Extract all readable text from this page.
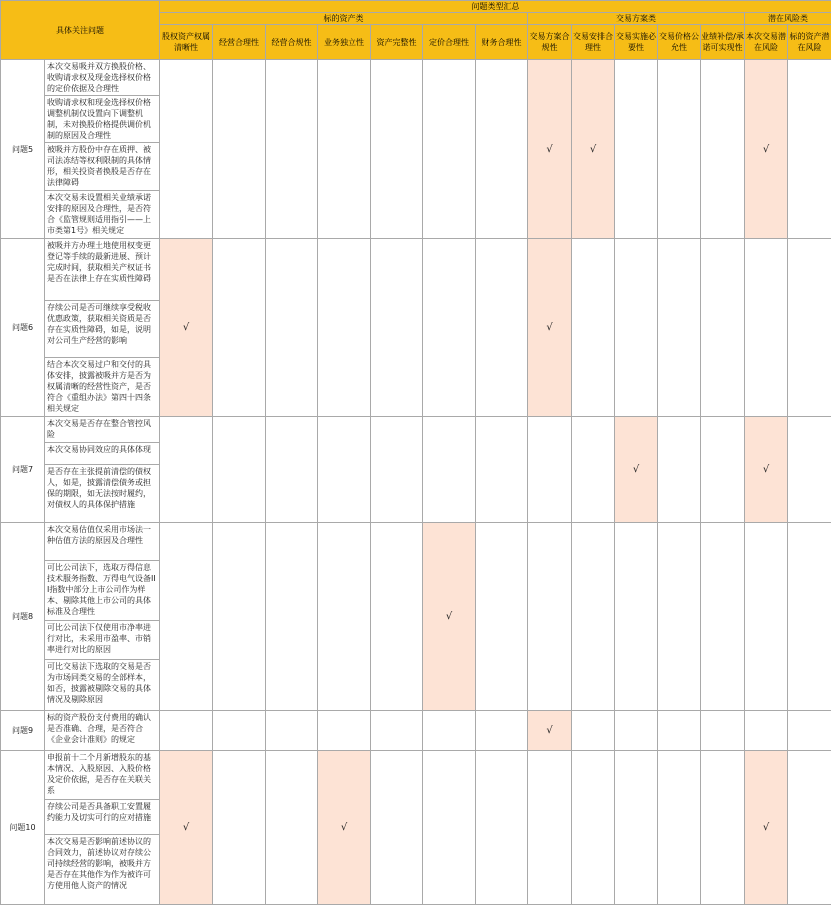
具体关注问题		问题类型汇总													
		标的资产类							交易方案类					潜在风险类	
		股权资产权属清晰性	经营合理性	经营合规性	业务独立性	资产完整性	定价合理性	财务合理性	交易方案合规性	交易安排合理性	交易实施必要性	交易价格公允性	业绩补偿/承诺可实现性	本次交易潜在风险	标的资产潜在风险
问题5	本次交易吸并双方换股价格、收购请求权及现金选择权价格的定价依据及合理性								√	√				√	
	收购请求权和现金选择权价格调整机制仅设置向下调整机制，未对换股价格提供调价机制的原因及合理性														
	被吸并方股份中存在质押、被司法冻结等权利限制的具体情形，相关投资者换股是否存在法律障碍														
	本次交易未设置相关业绩承诺安排的原因及合理性，是否符合《监管规则适用指引——上市类第1号》相关规定														
问题6	被吸并方办理土地使用权变更登记等手续的最新进展、预计完成时间，获取相关产权证书是否在法律上存在实质性障碍	√							√						
	存续公司是否可继续享受税收优惠政策，获取相关资质是否存在实质性障碍，如是，说明对公司生产经营的影响														
	结合本次交易过户和交付的具体安排，披露被吸并方是否为权属清晰的经营性资产，是否符合《重组办法》第四十四条相关规定														
问题7	本次交易是否存在整合管控风险										√			√	
	本次交易协同效应的具体体现														
	是否存在主张提前清偿的债权人，如是，披露清偿债务或担保的期限，如无法按时履约，对债权人的具体保护措施														
问题8	本次交易估值仅采用市场法一种估值方法的原因及合理性						√								
	可比公司法下，选取万得信息技术服务指数、万得电气设备III指数中部分上市公司作为样本、剔除其他上市公司的具体标准及合理性														
	可比公司法下仅使用市净率进行对比，未采用市盈率、市销率进行对比的原因														
	可比交易法下选取的交易是否为市场同类交易的全部样本，如否，披露被剔除交易的具体情况及剔除原因														
问题9	标的资产股份支付费用的确认是否准确、合理，是否符合《企业会计准则》的规定								√						
问题10	申报前十二个月新增股东的基本情况、入股原因、入股价格及定价依据，是否存在关联关系	√			√									√	
	存续公司是否具备职工安置履约能力及切实可行的应对措施														
	本次交易是否影响前述协议的合同效力，前述协议对存续公司持续经营的影响，被吸并方是否存在其他作为作为被许可方使用他人资产的情况														
